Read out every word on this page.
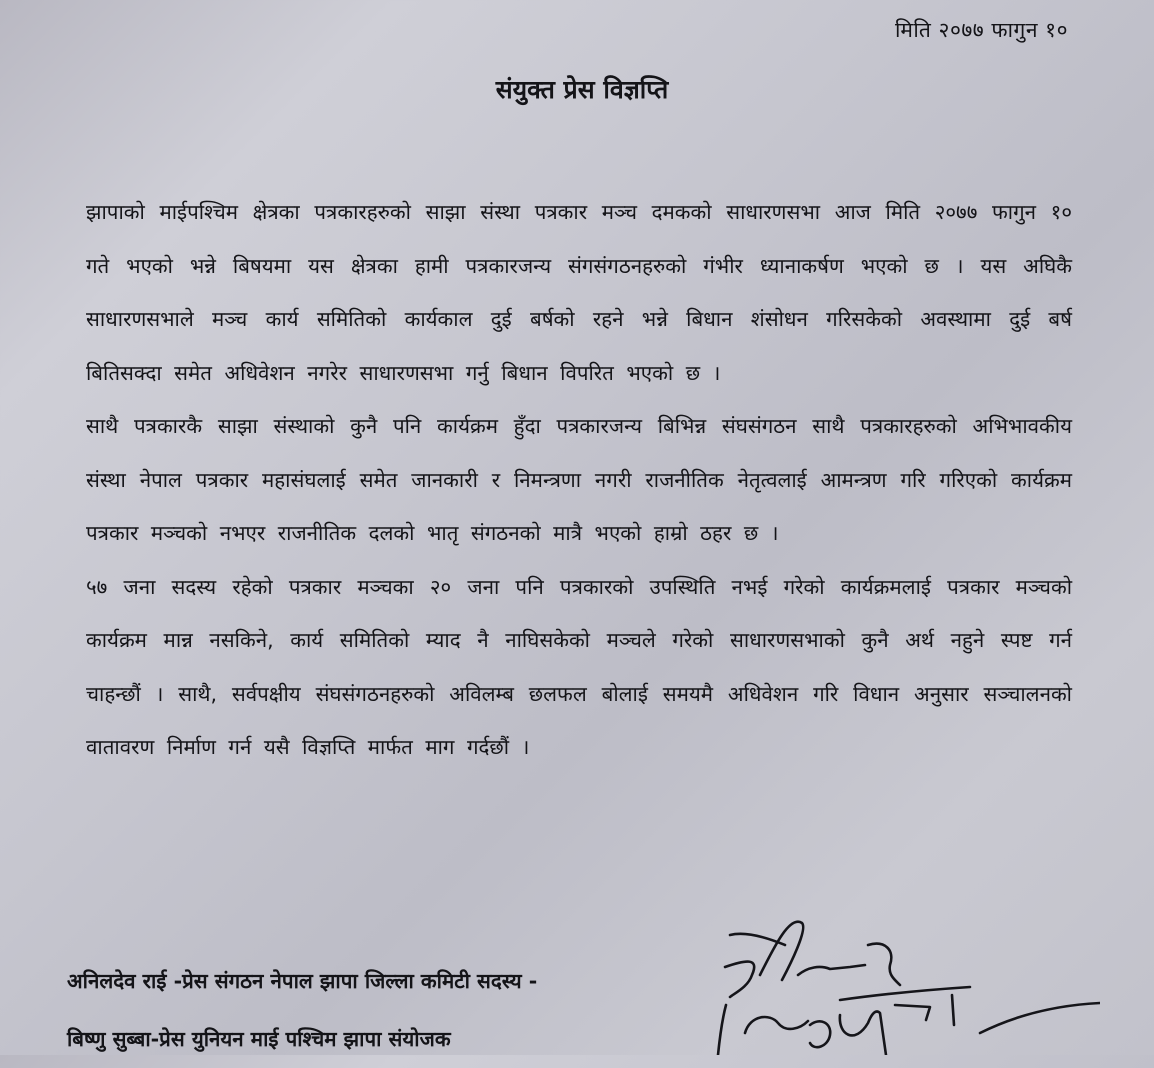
मिति २०७७ फागुन १०
संयुक्त प्रेस विज्ञप्ति

झापाको माईपश्चिम क्षेत्रका पत्रकारहरुको साझा संस्था पत्रकार मञ्च दमकको साधारणसभा आज मिति २०७७ फागुन १० गते भएको भन्ने बिषयमा यस क्षेत्रका हामी पत्रकारजन्य संगसंगठनहरुको गंभीर ध्यानाकर्षण भएको छ । यस अघिकै साधारणसभाले मञ्च कार्य समितिको कार्यकाल दुई बर्षको रहने भन्ने बिधान शंसोधन गरिसकेको अवस्थामा दुई बर्ष बितिसक्दा समेत अधिवेशन नगरेर साधारणसभा गर्नु बिधान विपरित भएको छ ।

साथै पत्रकारकै साझा संस्थाको कुनै पनि कार्यक्रम हुँदा पत्रकारजन्य बिभिन्न संघसंगठन साथै पत्रकारहरुको अभिभावकीय संस्था नेपाल पत्रकार महासंघलाई समेत जानकारी र निमन्त्रणा नगरी राजनीतिक नेतृत्वलाई आमन्त्रण गरि गरिएको कार्यक्रम पत्रकार मञ्चको नभएर राजनीतिक दलको भातृ संगठनको मात्रै भएको हाम्रो ठहर छ ।

५७ जना सदस्य रहेको पत्रकार मञ्चका २० जना पनि पत्रकारको उपस्थिति नभई गरेको कार्यक्रमलाई पत्रकार मञ्चको कार्यक्रम मान्न नसकिने, कार्य समितिको म्याद नै नाघिसकेको मञ्चले गरेको साधारणसभाको कुनै अर्थ नहुने स्पष्ट गर्न चाहन्छौं । साथै, सर्वपक्षीय संघसंगठनहरुको अविलम्ब छलफल बोलाई समयमै अधिवेशन गरि विधान अनुसार सञ्चालनको वातावरण निर्माण गर्न यसै विज्ञप्ति मार्फत माग गर्दछौं ।

अनिलदेव राई -प्रेस संगठन नेपाल झापा जिल्ला कमिटी सदस्य -
बिष्णु सुब्बा-प्रेस युनियन माई पश्चिम झापा संयोजक
